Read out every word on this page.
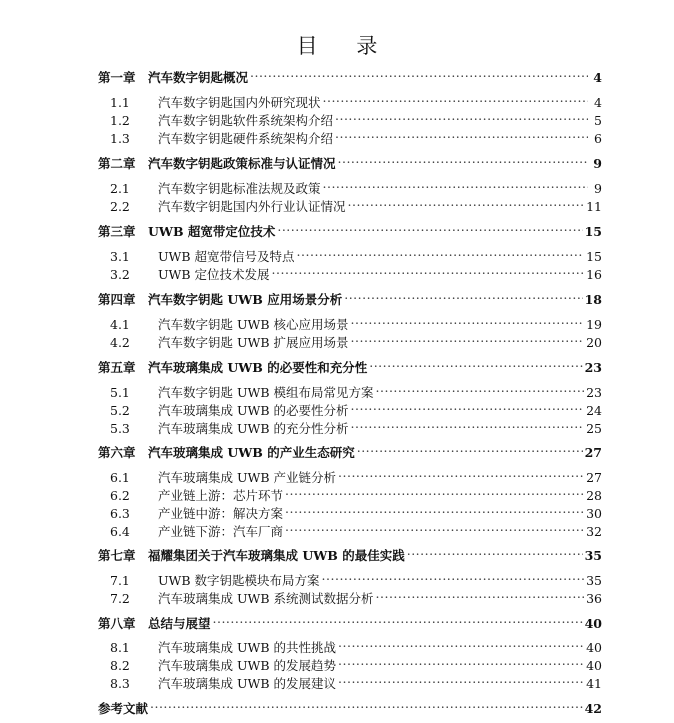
目 录
第一章 汽车数字钥匙概况 .....	4
1.1	汽车数字钥匙国内外研究现状 .....	4
1.2	汽车数字钥匙软件系统架构介绍 .....	5
1.3	汽车数字钥匙硬件系统架构介绍 .....	6
第二章 汽车数字钥匙政策标准与认证情况 .....	9
2.1	汽车数字钥匙标准法规及政策 .....	9
2.2	汽车数字钥匙国内外行业认证情况 .....	11
第三章 UWB 超宽带定位技术 .....	15
3.1	UWB 超宽带信号及特点 .....	15
3.2	UWB 定位技术发展 .....	16
第四章 汽车数字钥匙 UWB 应用场景分析 .....	18
4.1	汽车数字钥匙 UWB 核心应用场景 .....	19
4.2	汽车数字钥匙 UWB 扩展应用场景 .....	20
第五章 汽车玻璃集成 UWB 的必要性和充分性 .....	23
5.1	汽车数字钥匙 UWB 模组布局常见方案 .....	23
5.2	汽车玻璃集成 UWB 的必要性分析 .....	24
5.3	汽车玻璃集成 UWB 的充分性分析 .....	25
第六章 汽车玻璃集成 UWB 的产业生态研究 .....	27
6.1	汽车玻璃集成 UWB 产业链分析 .....	27
6.2	产业链上游：芯片环节 .....	28
6.3	产业链中游：解决方案 .....	30
6.4	产业链下游：汽车厂商 .....	32
第七章 福耀集团关于汽车玻璃集成 UWB 的最佳实践 .....	35
7.1	UWB 数字钥匙模块布局方案 .....	35
7.2	汽车玻璃集成 UWB 系统测试数据分析 .....	36
第八章 总结与展望 .....	40
8.1	汽车玻璃集成 UWB 的共性挑战 .....	40
8.2	汽车玻璃集成 UWB 的发展趋势 .....	40
8.3	汽车玻璃集成 UWB 的发展建议 .....	41
参考文献 .....	42
